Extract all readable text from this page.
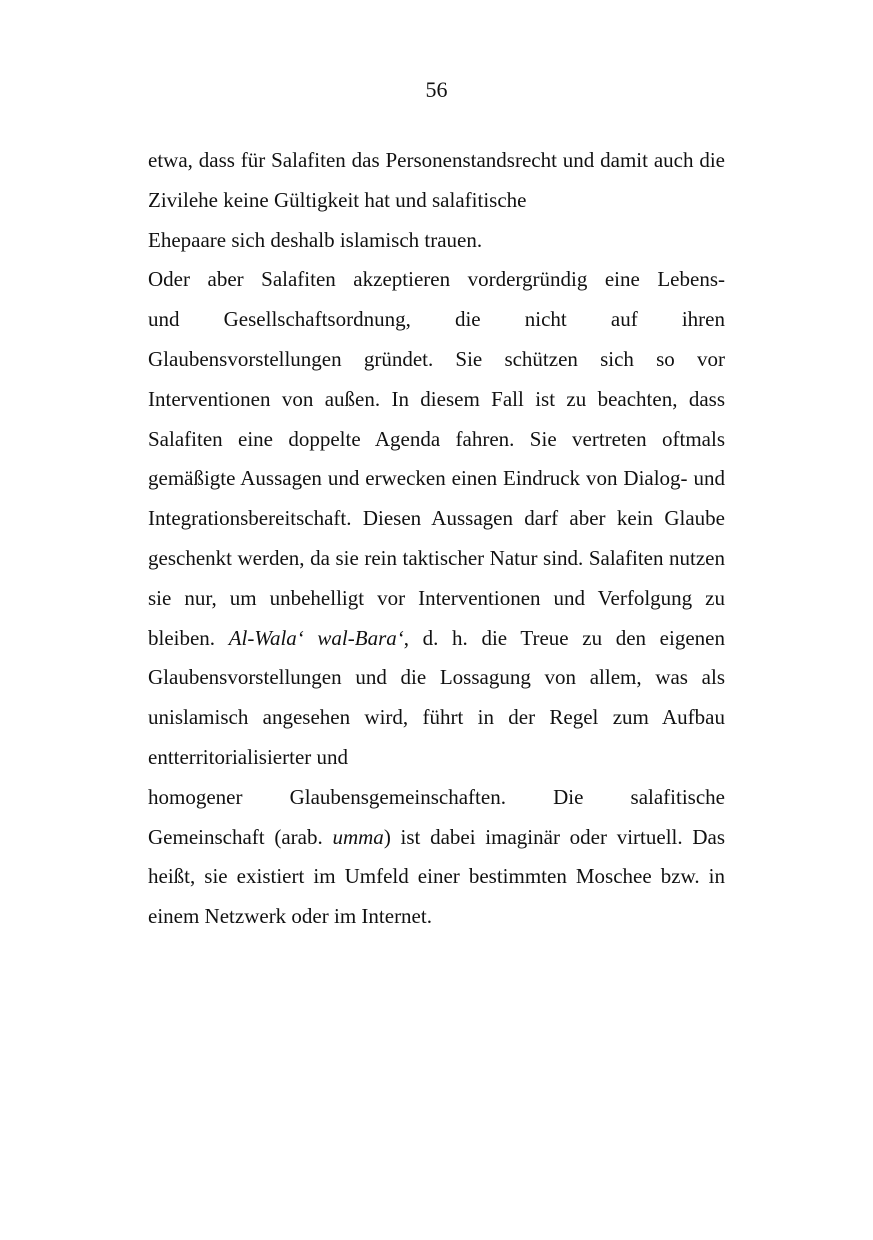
56

etwa, dass für Salafiten das Personenstandsrecht und damit auch die Zivilehe keine Gültigkeit hat und salafitische
Ehepaare sich deshalb islamisch trauen.

Oder aber Salafiten akzeptieren vordergründig eine Lebens-
und Gesellschaftsordnung, die nicht auf ihren
Glaubensvorstellungen gründet. Sie schützen sich so vor Interventionen von außen. In diesem Fall ist zu beachten, dass Salafiten eine doppelte Agenda fahren. Sie vertreten oftmals gemäßigte Aussagen und erwecken einen Eindruck von Dialog- und Integrationsbereitschaft. Diesen Aussagen darf aber kein Glaube geschenkt werden, da sie rein taktischer Natur sind. Salafiten nutzen sie nur, um unbehelligt vor Interventionen und Verfolgung zu bleiben. Al-Wala‘ wal-Bara‘, d. h. die Treue zu den eigenen Glaubensvorstellungen und die Lossagung von allem, was als unislamisch angesehen wird, führt in der Regel zum Aufbau entterritorialisierter und
homogener Glaubensgemeinschaften. Die salafitische
Gemeinschaft (arab. umma) ist dabei imaginär oder virtuell. Das heißt, sie existiert im Umfeld einer bestimmten Moschee bzw. in einem Netzwerk oder im Internet.
